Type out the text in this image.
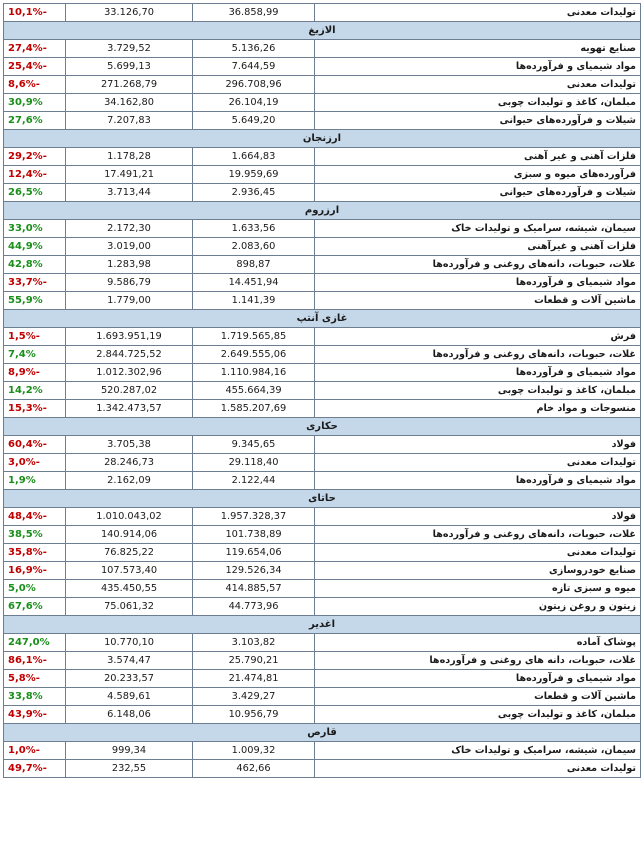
10,1%-	33.126,70	36.858,99	تولیدات معدنی
الازیغ			
27,4%-	3.729,52	5.136,26	صنایع تهویه
25,4%-	5.699,13	7.644,59	مواد شیمیای و فرآورده‌ها
8,6%-	271.268,79	296.708,96	تولیدات معدنی
30,9%	34.162,80	26.104,19	مبلمان، کاغذ و تولیدات چوبی
27,6%	7.207,83	5.649,20	شیلات و فرآورده‌های حیوانی
ارزنجان			
29,2%-	1.178,28	1.664,83	فلزات آهنی و غیر آهنی
12,4%-	17.491,21	19.959,69	فرآورده‌های میوه و سبزی
26,5%	3.713,44	2.936,45	شیلات و فرآورده‌های حیوانی
ارزروم			
33,0%	2.172,30	1.633,56	سیمان، شیشه، سرامیک و تولیدات خاک
44,9%	3.019,00	2.083,60	فلزات آهنی و غیرآهنی
42,8%	1.283,98	898,87	غلات، حبوبات، دانه‌های روغنی و فرآورده‌ها
33,7%-	9.586,79	14.451,94	مواد شیمیای و فرآورده‌ها
55,9%	1.779,00	1.141,39	ماشین آلات و قطعات
غازی آنتپ			
1,5%-	1.693.951,19	1.719.565,85	فرش
7,4%	2.844.725,52	2.649.555,06	غلات، حبوبات، دانه‌های روغنی و فرآورده‌ها
8,9%-	1.012.302,96	1.110.984,16	مواد شیمیای و فرآورده‌ها
14,2%	520.287,02	455.664,39	مبلمان، کاغذ و تولیدات چوبی
15,3%-	1.342.473,57	1.585.207,69	منسوجات و مواد خام
حکاری			
60,4%-	3.705,38	9.345,65	فولاد
3,0%-	28.246,73	29.118,40	تولیدات معدنی
1,9%	2.162,09	2.122,44	مواد شیمیای و فرآورده‌ها
حاتای			
48,4%-	1.010.043,02	1.957.328,37	فولاد
38,5%	140.914,06	101.738,89	غلات، حبوبات، دانه‌های روغنی و فرآورده‌ها
35,8%-	76.825,22	119.654,06	تولیدات معدنی
16,9%-	107.573,40	129.526,34	صنایع خودروسازی
5,0%	435.450,55	414.885,57	میوه و سبزی تازه
67,6%	75.061,32	44.773,96	زیتون و روغن زیتون
اغدیر			
247,0%	10.770,10	3.103,82	پوشاک آماده
86,1%-	3.574,47	25.790,21	غلات، حبوبات، دانه های روغنی و فرآورده‌ها
5,8%-	20.233,57	21.474,81	مواد شیمیای و فرآورده‌ها
33,8%	4.589,61	3.429,27	ماشین آلات و قطعات
43,9%-	6.148,06	10.956,79	مبلمان، کاغذ و تولیدات چوبی
قارص			
1,0%-	999,34	1.009,32	سیمان، شیشه، سرامیک و تولیدات خاک
49,7%-	232,55	462,66	تولیدات معدنی
